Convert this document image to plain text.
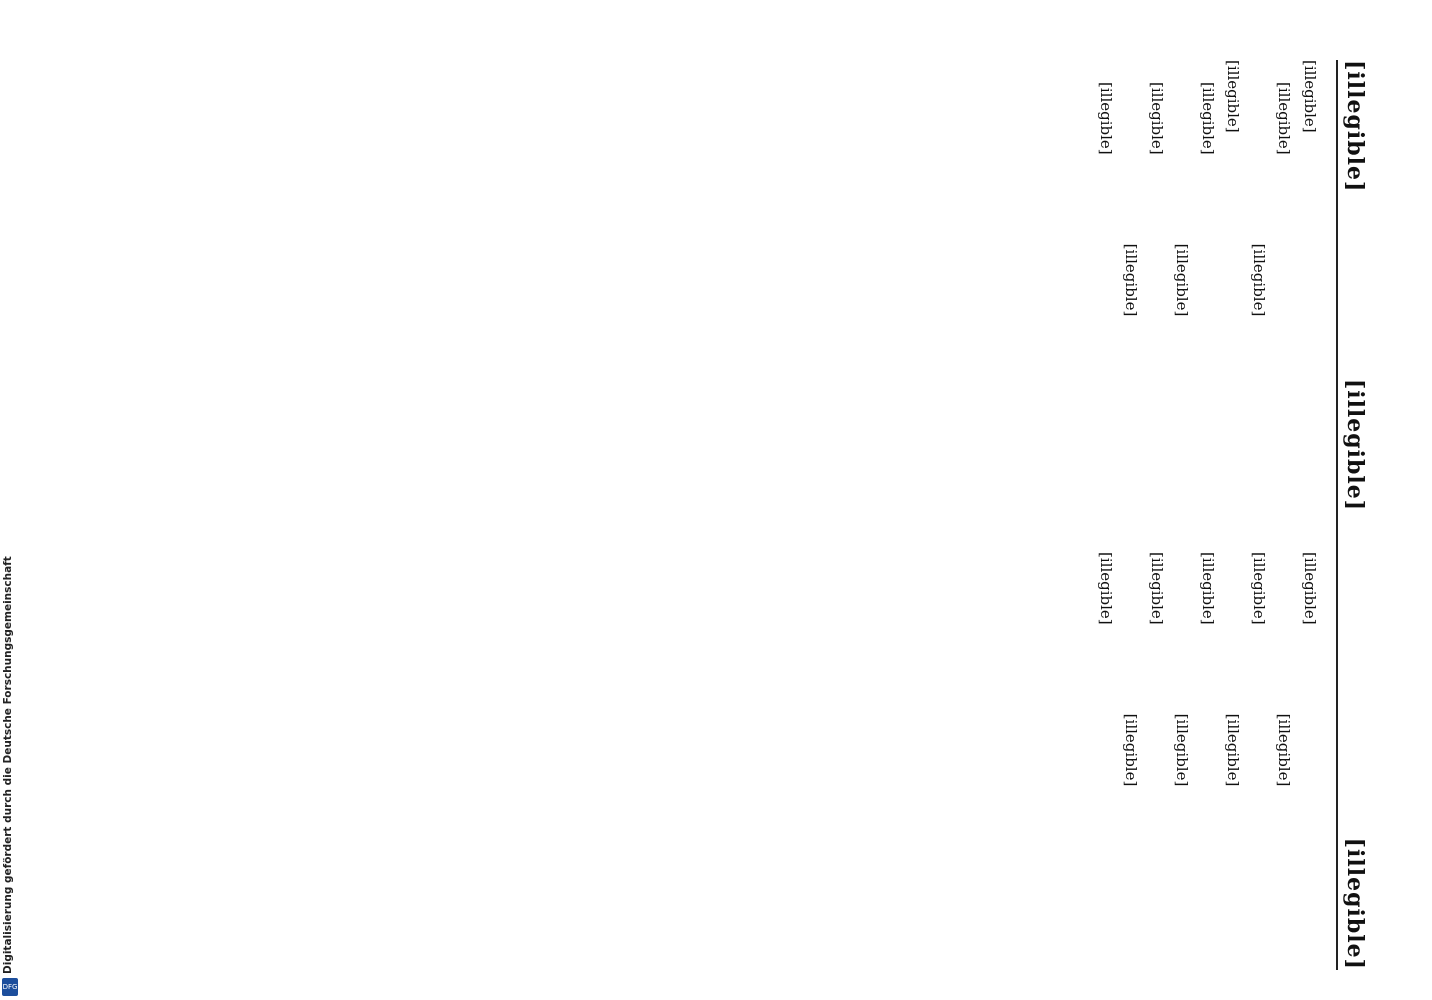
[illegible]
[illegible]
[illegible]

[illegible]

[illegible]

[illegible]

[illegible]

[illegible]

[illegible]

[illegible]

[illegible]

[illegible]

[illegible]

[illegible]

[illegible]

[illegible]

[illegible]

[illegible]

[illegible]

[illegible]

[illegible]

Digitalisierung gefördert durch die Deutsche Forschungsgemeinschaft
DFG
